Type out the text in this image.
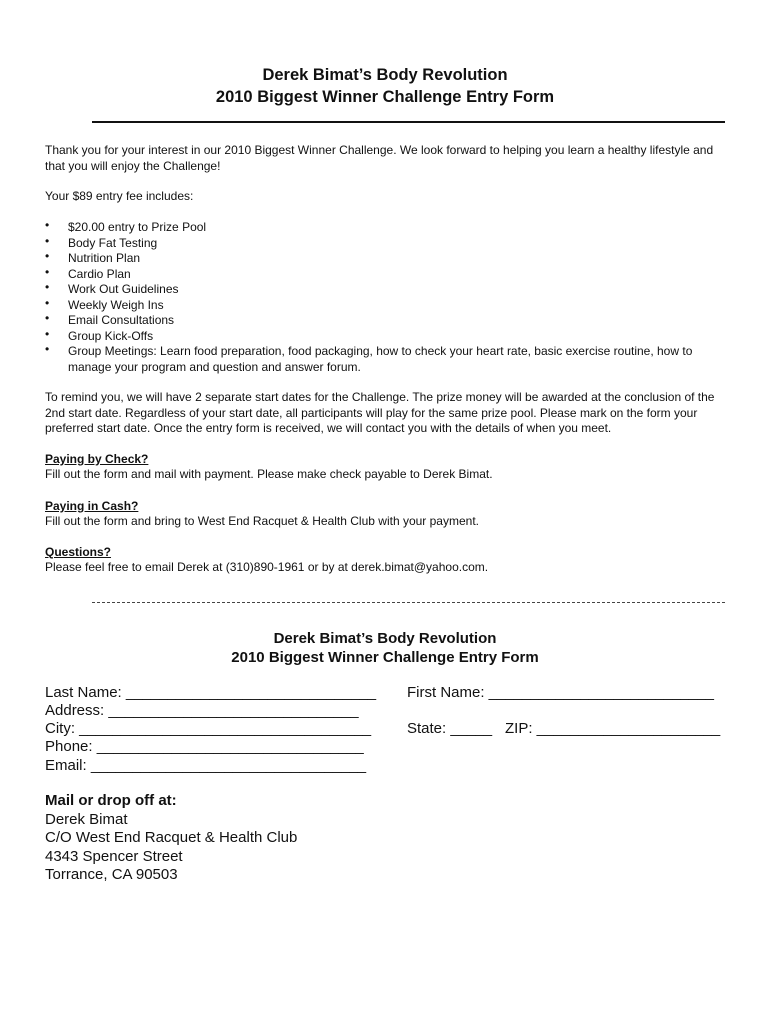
Derek Bimat’s Body Revolution
2010 Biggest Winner Challenge Entry Form
Thank you for your interest in our 2010 Biggest Winner Challenge. We look forward to helping you learn a healthy lifestyle and that you will enjoy the Challenge!
Your $89 entry fee includes:
• $20.00 entry to Prize Pool
• Body Fat Testing
• Nutrition Plan
• Cardio Plan
• Work Out Guidelines
• Weekly Weigh Ins
• Email Consultations
• Group Kick-Offs
• Group Meetings: Learn food preparation, food packaging, how to check your heart rate, basic exercise routine, how to manage your program and question and answer forum.
To remind you, we will have 2 separate start dates for the Challenge. The prize money will be awarded at the conclusion of the 2nd start date. Regardless of your start date, all participants will play for the same prize pool. Please mark on the form your preferred start date. Once the entry form is received, we will contact you with the details of when you meet.
Paying by Check?
Fill out the form and mail with payment. Please make check payable to Derek Bimat.
Paying in Cash?
Fill out the form and bring to West End Racquet & Health Club with your payment.
Questions?
Please feel free to email Derek at (310)890-1961 or by at derek.bimat@yahoo.com.
Derek Bimat’s Body Revolution
2010 Biggest Winner Challenge Entry Form
Last Name: ______________________________ First Name: ___________________________
Address: ______________________________
City: ___________________________________ State: _____ ZIP: ______________________
Phone: ________________________________
Email: _________________________________
Mail or drop off at:
Derek Bimat
C/O West End Racquet & Health Club
4343 Spencer Street
Torrance, CA 90503
